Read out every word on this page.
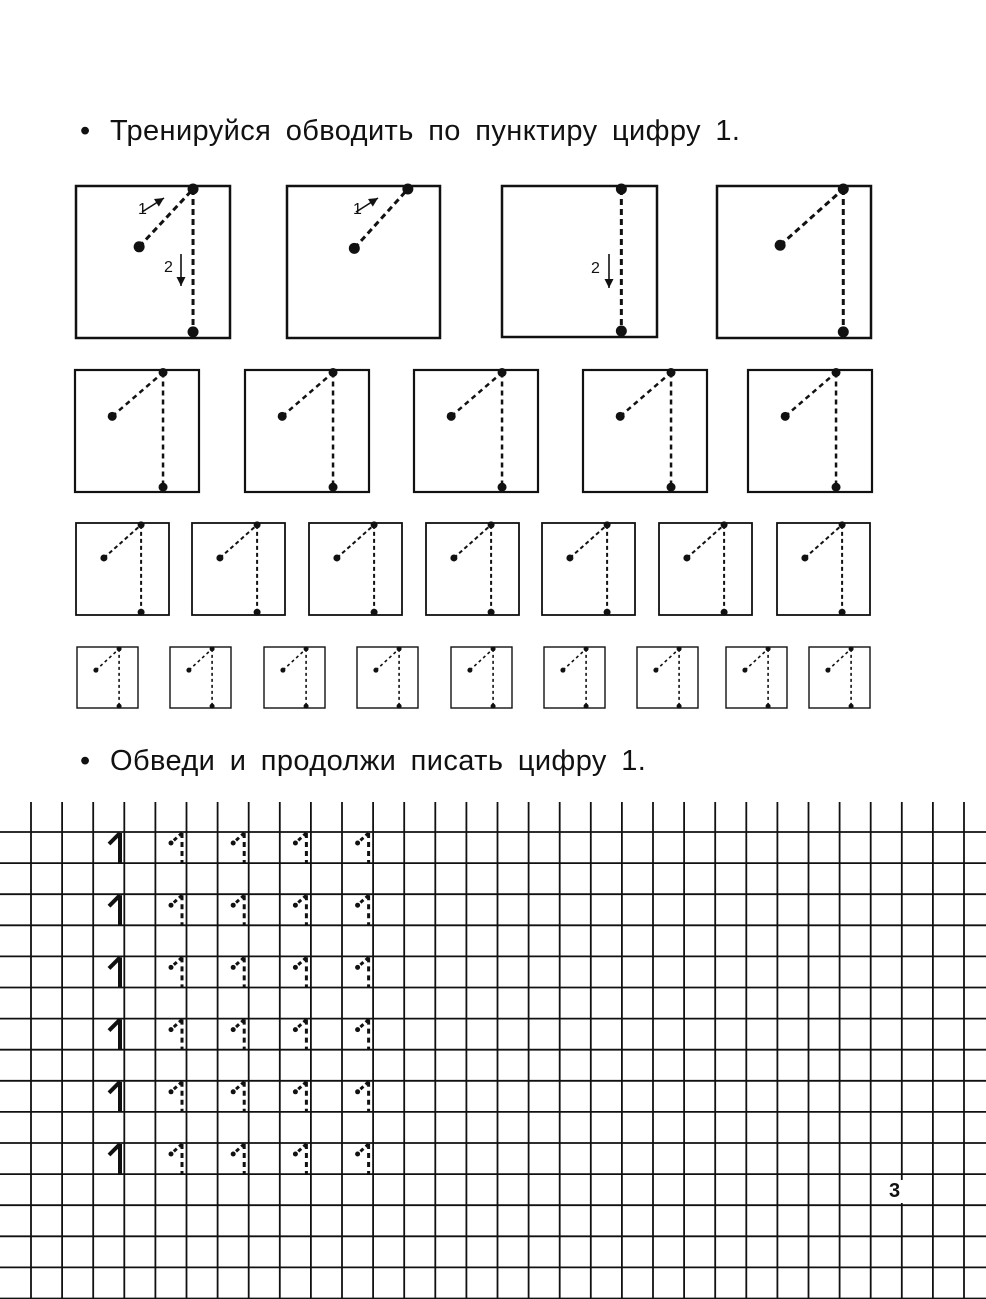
• Тренируйся обводить по пунктиру цифру 1.
• Обведи и продолжи писать цифру 1.
1
2
1
2
3
